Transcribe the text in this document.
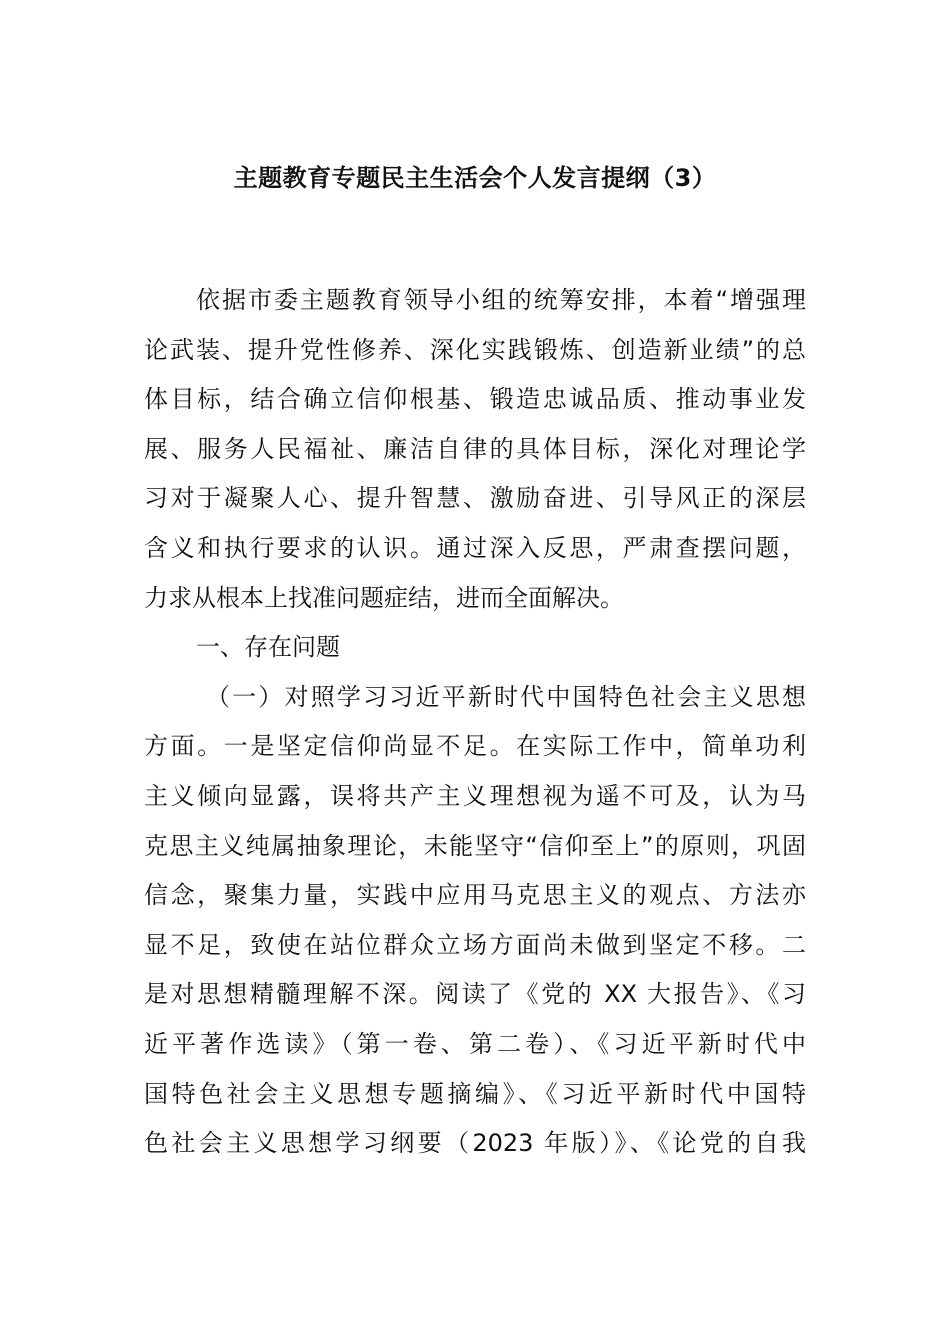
主题教育专题民主生活会个人发言提纲（3）
依据市委主题教育领导小组的统筹安排，本着“增强理
论武装、提升党性修养、深化实践锻炼、创造新业绩”的总
体目标，结合确立信仰根基、锻造忠诚品质、推动事业发
展、服务人民福祉、廉洁自律的具体目标，深化对理论学
习对于凝聚人心、提升智慧、激励奋进、引导风正的深层
含义和执行要求的认识。通过深入反思，严肃查摆问题，
力求从根本上找准问题症结，进而全面解决。
一、存在问题
（一）对照学习习近平新时代中国特色社会主义思想
方面。一是坚定信仰尚显不足。在实际工作中，简单功利
主义倾向显露，误将共产主义理想视为遥不可及，认为马
克思主义纯属抽象理论，未能坚守“信仰至上”的原则，巩固
信念，聚集力量，实践中应用马克思主义的观点、方法亦
显不足，致使在站位群众立场方面尚未做到坚定不移。二
是对思想精髓理解不深。阅读了《党的 XX 大报告》、《习
近平著作选读》（第一卷、第二卷）、《习近平新时代中
国特色社会主义思想专题摘编》、《习近平新时代中国特
色社会主义思想学习纲要（2023 年版）》、《论党的自我
